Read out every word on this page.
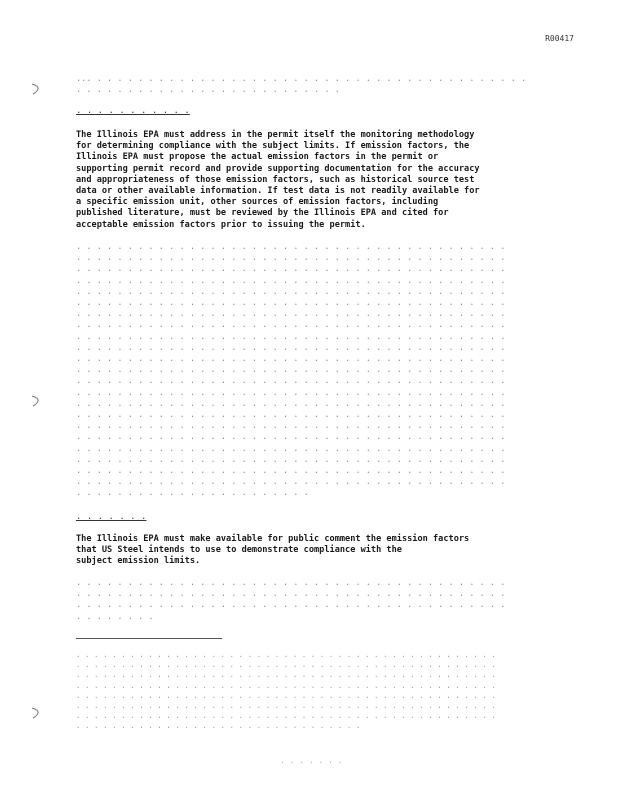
R00417

... . . . . . . . . . . . . . . . . . . . . . . . . . . . . . . . . . . . . . . . . . .
. . . . . . . . . . . . . . . . . . . . . . . . . .

. . . . . . . . . . .

The Illinois EPA must address in the permit itself the monitoring methodology
for determining compliance with the subject limits. If emission factors, the
Illinois EPA must propose the actual emission factors in the permit or
supporting permit record and provide supporting documentation for the accuracy
and appropriateness of those emission factors, such as historical source test
data or other available information. If test data is not readily available for
a specific emission unit, other sources of emission factors, including
published literature, must be reviewed by the Illinois EPA and cited for
acceptable emission factors prior to issuing the permit.

. . . . . . . . . . . . . . . . . . . . . . . . . . . . . . . . . . . . . . . . . .
. . . . . . . . . . . . . . . . . . . . . . . . . . . . . . . . . . . . . . . . . .
. . . . . . . . . . . . . . . . . . . . . . . . . . . . . . . . . . . . . . . . . .
. . . . . . . . . . . . . . . . . . . . . . . . . . . . . . . . . . . . . . . . . .
. . . . . . . . . . . . . . . . . . . . . . . . . . . . . . . . . . . . . . . . . .
. . . . . . . . . . . . . . . . . . . . . . . . . . . . . . . . . . . . . . . . . .
. . . . . . . . . . . . . . . . . . . . . . . . . . . . . . . . . . . . . . . . . .
. . . . . . . . . . . . . . . . . . . . . . . . . . . . . . . . . . . . . . . . . .
. . . . . . . . . . . . . . . . . . . . . . . . . . . . . . . . . . . . . . . . . .
. . . . . . . . . . . . . . . . . . . . . . . . . . . . . . . . . . . . . . . . . .
. . . . . . . . . . . . . . . . . . . . . . . . . . . . . . . . . . . . . . . . . .
. . . . . . . . . . . . . . . . . . . . . . . . . . . . . . . . . . . . . . . . . .
. . . . . . . . . . . . . . . . . . . . . . . . . . . . . . . . . . . . . . . . . .
. . . . . . . . . . . . . . . . . . . . . . . . . . . . . . . . . . . . . . . . . .
. . . . . . . . . . . . . . . . . . . . . . . . . . . . . . . . . . . . . . . . . .
. . . . . . . . . . . . . . . . . . . . . . . . . . . . . . . . . . . . . . . . . .
. . . . . . . . . . . . . . . . . . . . . . . . . . . . . . . . . . . . . . . . . .
. . . . . . . . . . . . . . . . . . . . . . . . . . . . . . . . . . . . . . . . . .
. . . . . . . . . . . . . . . . . . . . . . . . . . . . . . . . . . . . . . . . . .
. . . . . . . . . . . . . . . . . . . . . . . . . . . . . . . . . . . . . . . . . .
. . . . . . . . . . . . . . . . . . . . . . . . . . . . . . . . . . . . . . . . . .
. . . . . . . . . . . . . . . . . . . . . . . . . . . . . . . . . . . . . . . . . .
. . . . . . . . . . . . . . . . . . . . . . .

. . . . . . .

The Illinois EPA must make available for public comment the emission factors
that US Steel intends to use to demonstrate compliance with the
subject emission limits.

. . . . . . . . . . . . . . . . . . . . . . . . . . . . . . . . . . . . . . . . . .
. . . . . . . . . . . . . . . . . . . . . . . . . . . . . . . . . . . . . . . . . .
. . . . . . . . . . . . . . . . . . . . . . . . . . . . . . . . . . . . . . . . . .
. . . . . . . .

. . . . . . . . . . . . . . . . . . . . . . . . . . . . . . . . . . . . . . . . . . . . . . .
. . . . . . . . . . . . . . . . . . . . . . . . . . . . . . . . . . . . . . . . . . . . . . .
. . . . . . . . . . . . . . . . . . . . . . . . . . . . . . . . . . . . . . . . . . . . . . .
. . . . . . . . . . . . . . . . . . . . . . . . . . . . . . . . . . . . . . . . . . . . . . .
. . . . . . . . . . . . . . . . . . . . . . . . . . . . . . . . . . . . . . . . . . . . . . .
. . . . . . . . . . . . . . . . . . . . . . . . . . . . . . . . . . . . . . . . . . . . . . .
. . . . . . . . . . . . . . . . . . . . . . . . . . . . . . . . . . . . . . . . . . . . . . .
. . . . . . . . . . . . . . . . . . . . . . . . . . . . . . . .

. . . . . . .
